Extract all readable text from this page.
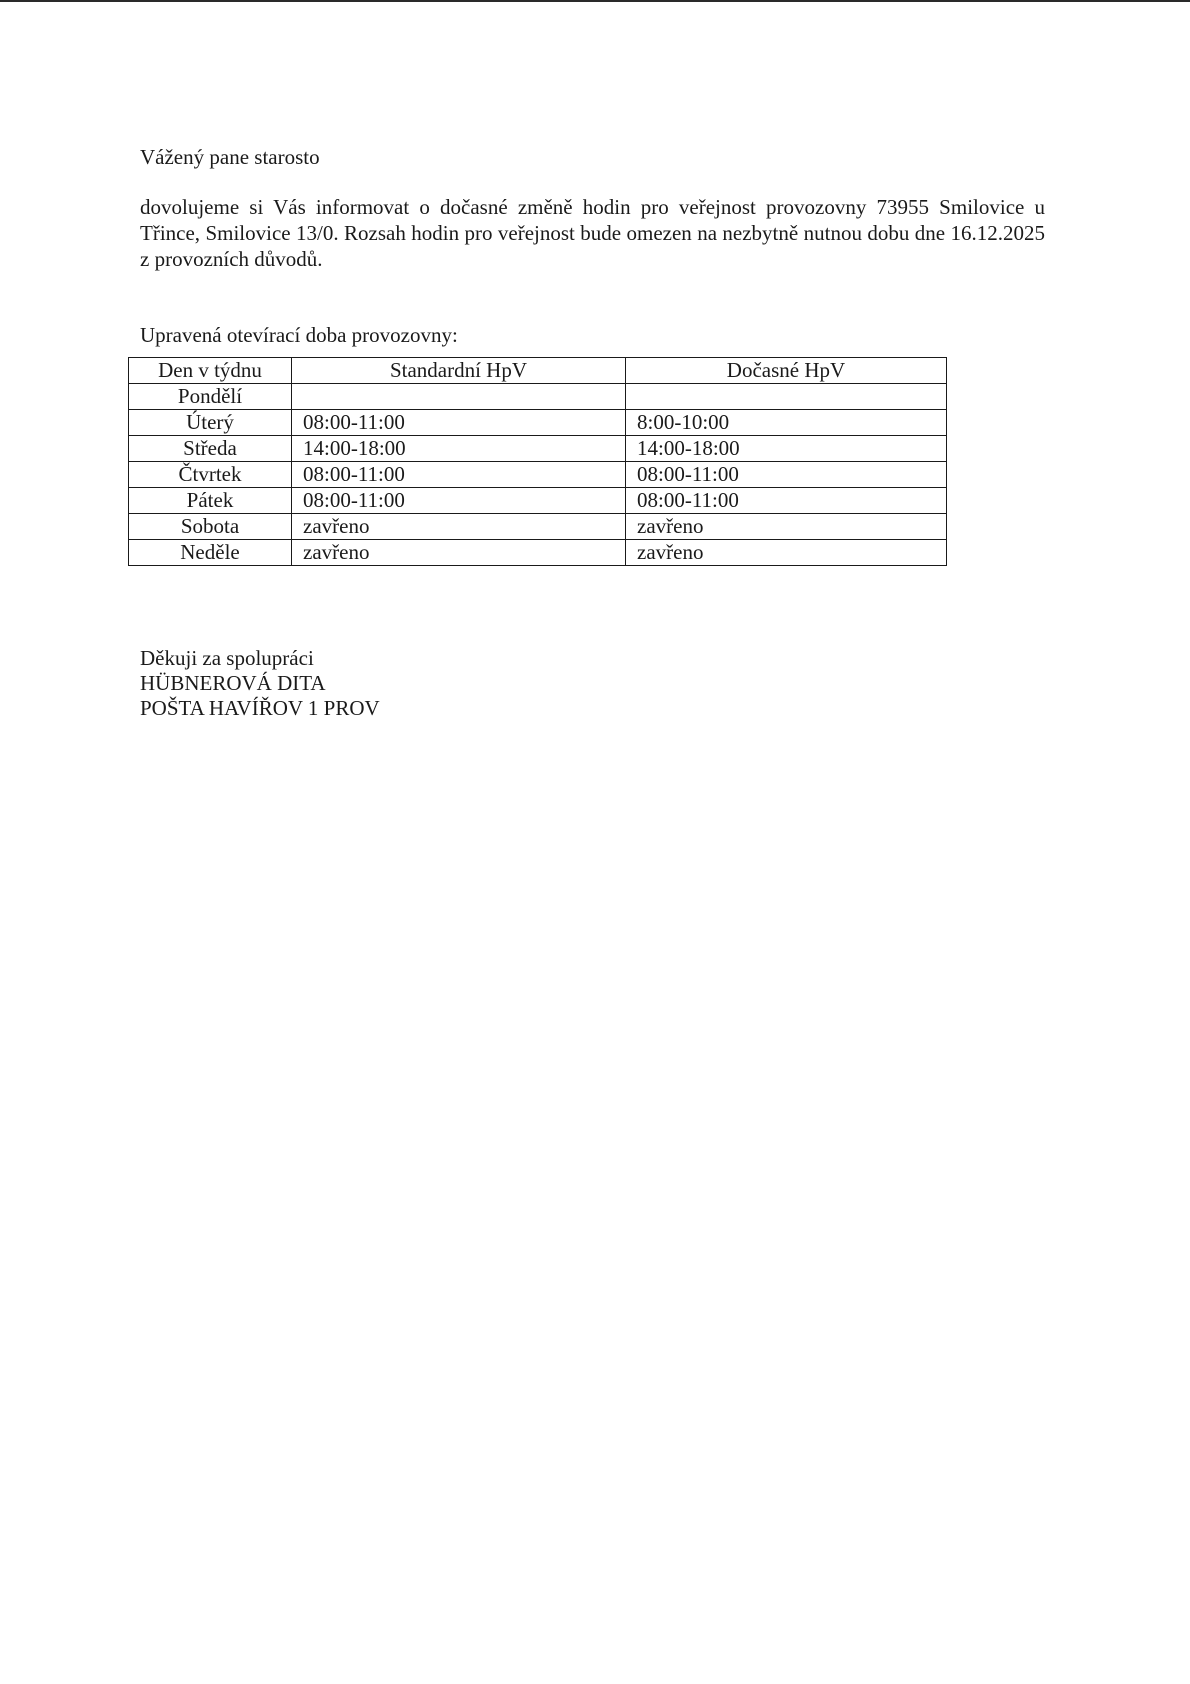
Vážený pane starosto

dovolujeme si Vás informovat o dočasné změně hodin pro veřejnost provozovny 73955 Smilovice u Třince, Smilovice 13/0. Rozsah hodin pro veřejnost bude omezen na nezbytně nutnou dobu dne 16.12.2025 z provozních důvodů.

Upravená otevírací doba provozovny:

Den v týdnu	Standardní HpV	Dočasné HpV
Pondělí		
Úterý	08:00-11:00	8:00-10:00
Středa	14:00-18:00	14:00-18:00
Čtvrtek	08:00-11:00	08:00-11:00
Pátek	08:00-11:00	08:00-11:00
Sobota	zavřeno	zavřeno
Neděle	zavřeno	zavřeno
Děkuji za spolupráci
HÜBNEROVÁ DITA
POŠTA HAVÍŘOV 1 PROV
